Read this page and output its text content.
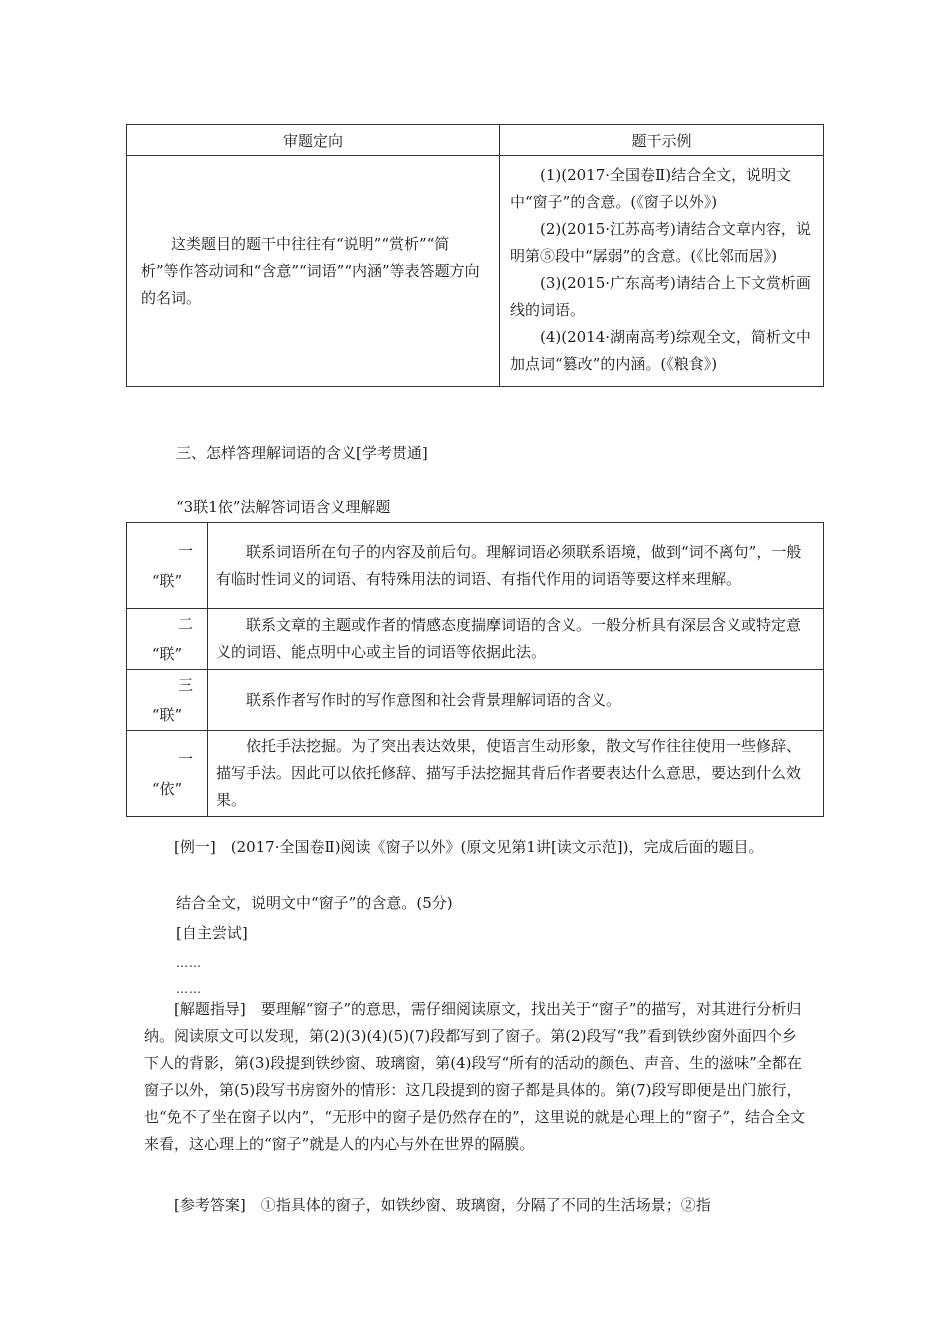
审题定向	题干示例

这类题目的题干中往往有“说明”“赏析”“简析”等作答动词和“含意”“词语”“内涵”等表答题方向的名词。	(1)(2017·全国卷Ⅱ)结合全文，说明文中“窗子”的含意。(《窗子以外》)

(2)(2015·江苏高考)请结合文章内容，说明第⑤段中“孱弱”的含意。(《比邻而居》)

(3)(2015·广东高考)请结合上下文赏析画线的词语。

(4)(2014·湖南高考)综观全文，简析文中加点词“篡改”的内涵。(《粮食》)

三、怎样答理解词语的含义[学考贯通]
“3联1依”法解答词语含义理解题
一
“联”	联系词语所在句子的内容及前后句。理解词语必须联系语境，做到“词不离句”，一般有临时性词义的词语、有特殊用法的词语、有指代作用的词语等要这样来理解。

二
“联”	联系文章的主题或作者的情感态度揣摩词语的含义。一般分析具有深层含义或特定意义的词语、能点明中心或主旨的词语等依据此法。

三
“联”	联系作者写作时的写作意图和社会背景理解词语的含义。

一
“依”	依托手法挖掘。为了突出表达效果，使语言生动形象，散文写作往往使用一些修辞、描写手法。因此可以依托修辞、描写手法挖掘其背后作者要表达什么意思，要达到什么效果。
[例一]　(2017·全国卷Ⅱ)阅读《窗子以外》(原文见第1讲[读文示范])，完成后面的题目。
结合全文，说明文中“窗子”的含意。(5分)
[自主尝试]
……
……
[解题指导]　要理解“窗子”的意思，需仔细阅读原文，找出关于“窗子”的描写，对其进行分析归纳。阅读原文可以发现，第(2)(3)(4)(5)(7)段都写到了窗子。第(2)段写“我”看到铁纱窗外面四个乡下人的背影，第(3)段提到铁纱窗、玻璃窗，第(4)段写“所有的活动的颜色、声音、生的滋味”全都在窗子以外，第(5)段写书房窗外的情形：这几段提到的窗子都是具体的。第(7)段写即便是出门旅行，也“免不了坐在窗子以内”，“无形中的窗子是仍然存在的”，这里说的就是心理上的“窗子”，结合全文来看，这心理上的“窗子”就是人的内心与外在世界的隔膜。
[参考答案]　①指具体的窗子，如铁纱窗、玻璃窗，分隔了不同的生活场景；②指
